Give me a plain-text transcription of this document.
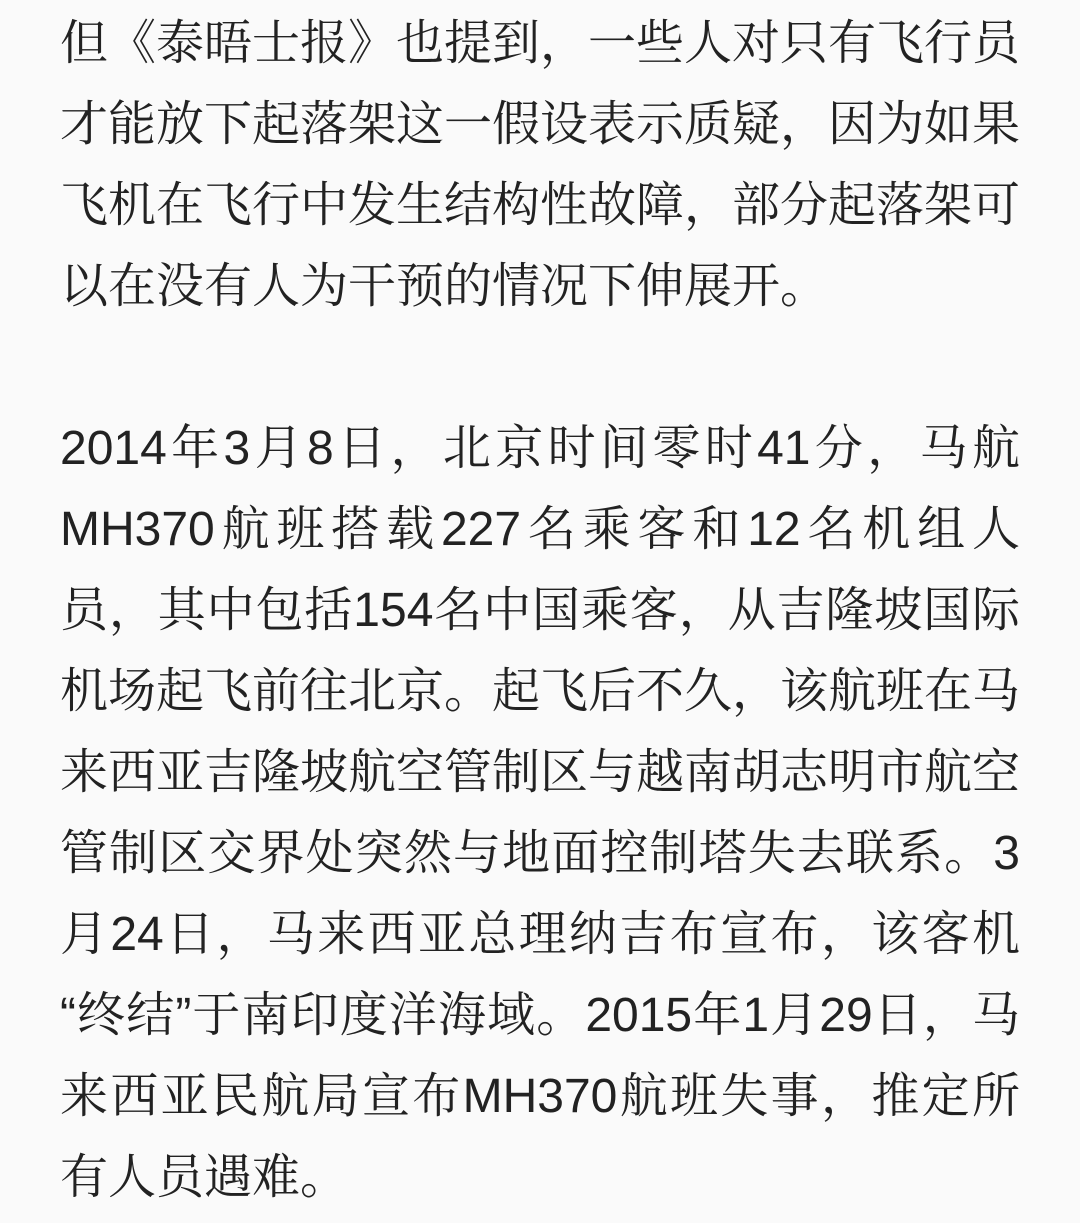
但《泰晤士报》也提到，一些人对只有飞行员才能放下起落架这一假设表示质疑，因为如果飞机在飞行中发生结构性故障，部分起落架可以在没有人为干预的情况下伸展开。

2014年3月8日，北京时间零时41分，马航MH370航班搭载227名乘客和12名机组人员，其中包括154名中国乘客，从吉隆坡国际机场起飞前往北京。起飞后不久，该航班在马来西亚吉隆坡航空管制区与越南胡志明市航空管制区交界处突然与地面控制塔失去联系。3月24日，马来西亚总理纳吉布宣布，该客机“终结”于南印度洋海域。2015年1月29日，马来西亚民航局宣布MH370航班失事，推定所有人员遇难。
